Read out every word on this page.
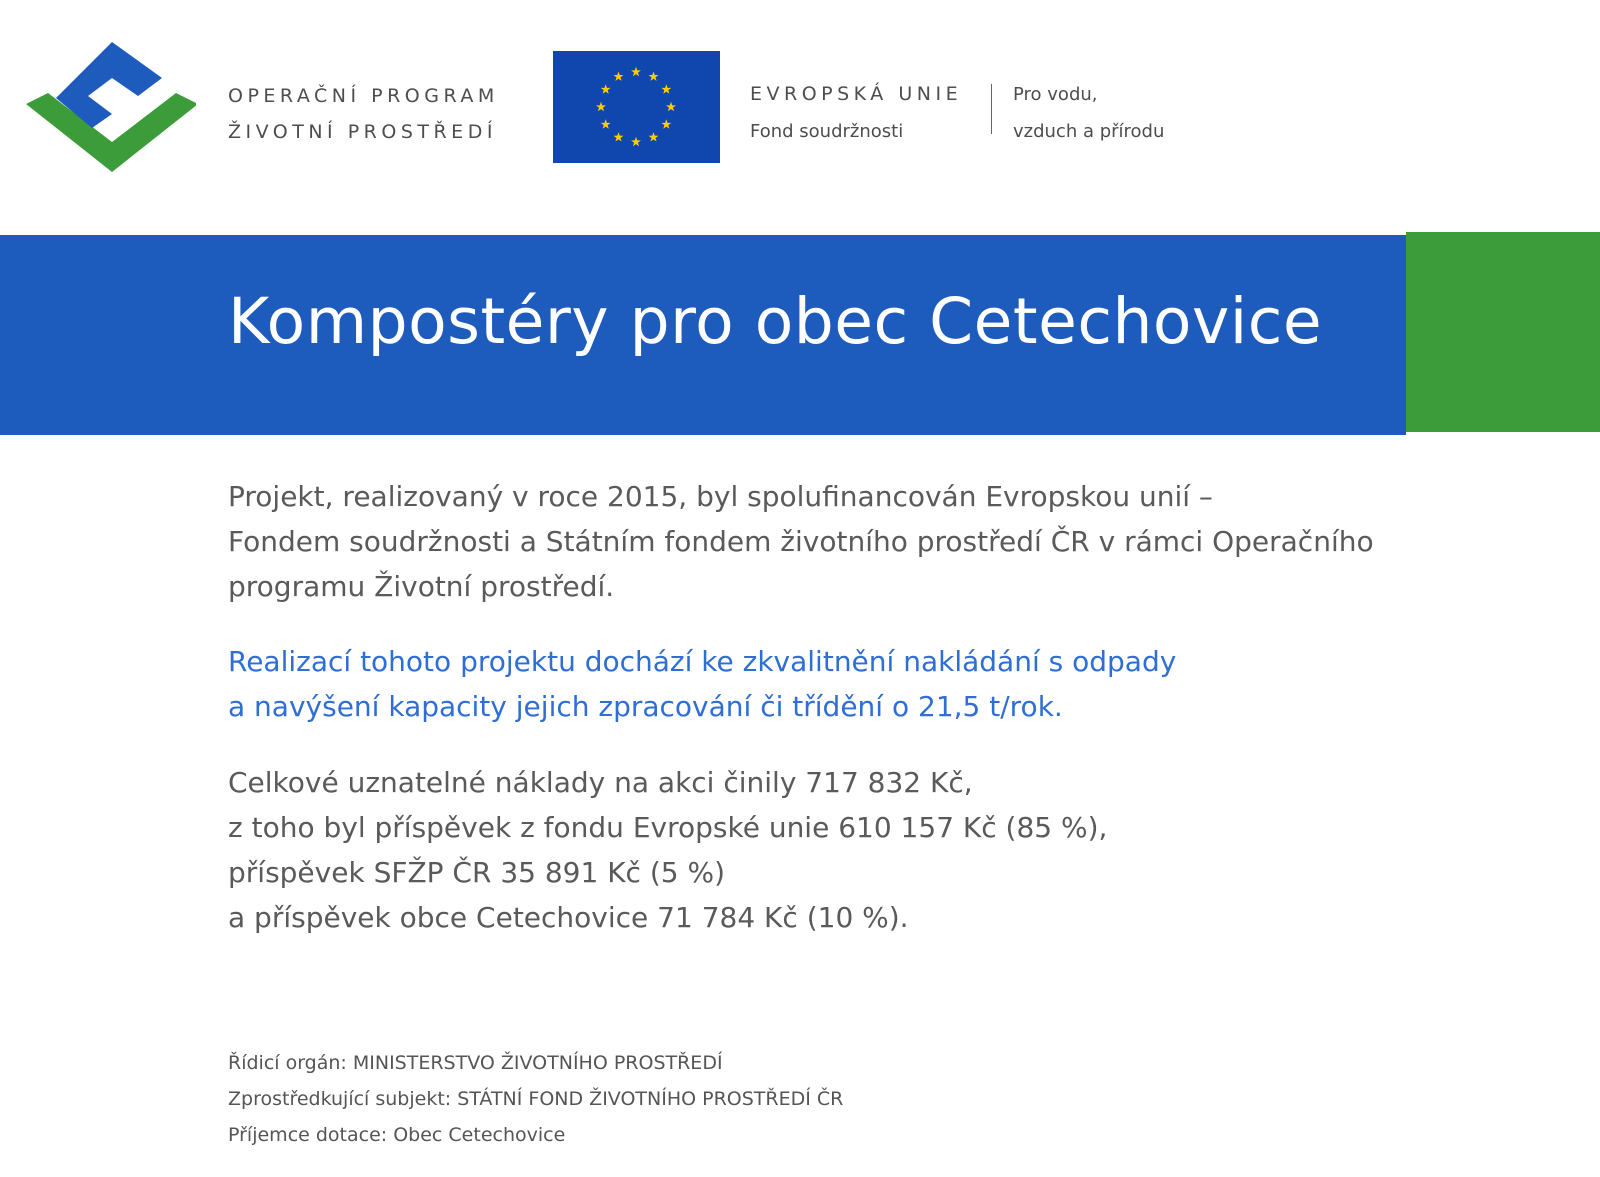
OPERAČNÍ PROGRAM
ŽIVOTNÍ PROSTŘEDÍ
EVROPSKÁ UNIE
Fond soudržnosti
Pro vodu,
vzduch a přírodu
Kompostéry pro obec Cetechovice

Projekt, realizovaný v roce 2015, byl spolufinancován Evropskou unií –

Fondem soudržnosti a Státním fondem životního prostředí ČR v rámci Operačního

programu Životní prostředí.

Realizací tohoto projektu dochází ke zkvalitnění nakládání s odpady

a navýšení kapacity jejich zpracování či třídění o 21,5 t/rok.

Celkové uznatelné náklady na akci činily 717 832 Kč,

z toho byl příspěvek z fondu Evropské unie 610 157 Kč (85 %),

příspěvek SFŽP ČR 35 891 Kč (5 %)

a příspěvek obce Cetechovice 71 784 Kč (10 %).

Řídicí orgán: MINISTERSTVO ŽIVOTNÍHO PROSTŘEDÍ
Zprostředkující subjekt: STÁTNÍ FOND ŽIVOTNÍHO PROSTŘEDÍ ČR
Příjemce dotace: Obec Cetechovice
